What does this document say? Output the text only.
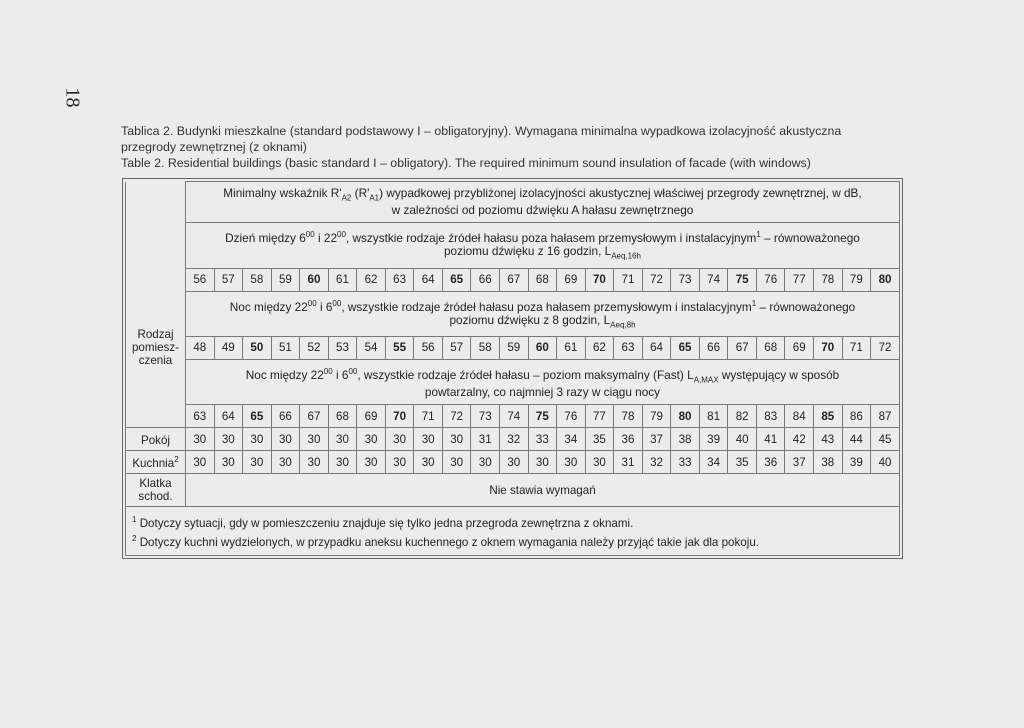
18
Tablica 2. Budynki mieszkalne (standard podstawowy I – obligatoryjny). Wymagana minimalna wypadkowa izolacyjność akustyczna
przegrody zewnętrznej (z oknami)
Table 2. Residential buildings (basic standard I – obligatory). The required minimum sound insulation of facade (with windows)
	Minimalny wskaźnik $R'_{A2}$ $(R'_{A1})$ wypadkowej przybliżonej izolacyjności akustycznej właściwej przegrody zewnętrznej, w dB,
w zależności od poziomu dźwięku A hałasu zewnętrznego																								
	Dzień między $6^{00}$ i $22^{00}$, wszystkie rodzaje źródeł hałasu poza hałasem przemysłowym i instalacyjnym$^1$ – równoważonego
poziomu dźwięku z 16 godzin, $L_{Aeq,16h}$
Rodzaj pomiesz- czenia	56	57	58	59	60	61	62	63	64	65	66	67	68	69	70	71	72	73	74	75	76	77	78	79	80
	Noc między $22^{00}$ i $6^{00}$, wszystkie rodzaje źródeł hałasu poza hałasem przemysłowym i instalacyjnym$^1$ – równoważonego
poziomu dźwięku z 8 godzin, $L_{Aeq,8h}$
	48	49	50	51	52	53	54	55	56	57	58	59	60	61	62	63	64	65	66	67	68	69	70	71	72
	Noc między $22^{00}$ i $6^{00}$, wszystkie rodzaje źródeł hałasu – poziom maksymalny (Fast) $L_{A,MAX}$ występujący w sposób
powtarzalny, co najmniej 3 razy w ciągu nocy																								
	63	64	65	66	67	68	69	70	71	72	73	74	75	76	77	78	79	80	81	82	83	84	85	86	87
Pokój	30	30	30	30	30	30	30	30	30	30	31	32	33	34	35	36	37	38	39	40	41	42	43	44	45
Kuchnia$^2$	30	30	30	30	30	30	30	30	30	30	30	30	30	30	30	31	32	33	34	35	36	37	38	39	40
Klatka
schod.	Nie stawia wymagań																								

$^1$ Dotyczy sytuacji, gdy w pomieszczeniu znajduje się tylko jedna przegroda zewnętrzna z oknami.
$^2$ Dotyczy kuchni wydzielonych, w przypadku aneksu kuchennego z oknem wymagania należy przyjąć takie jak dla pokoju.																									
